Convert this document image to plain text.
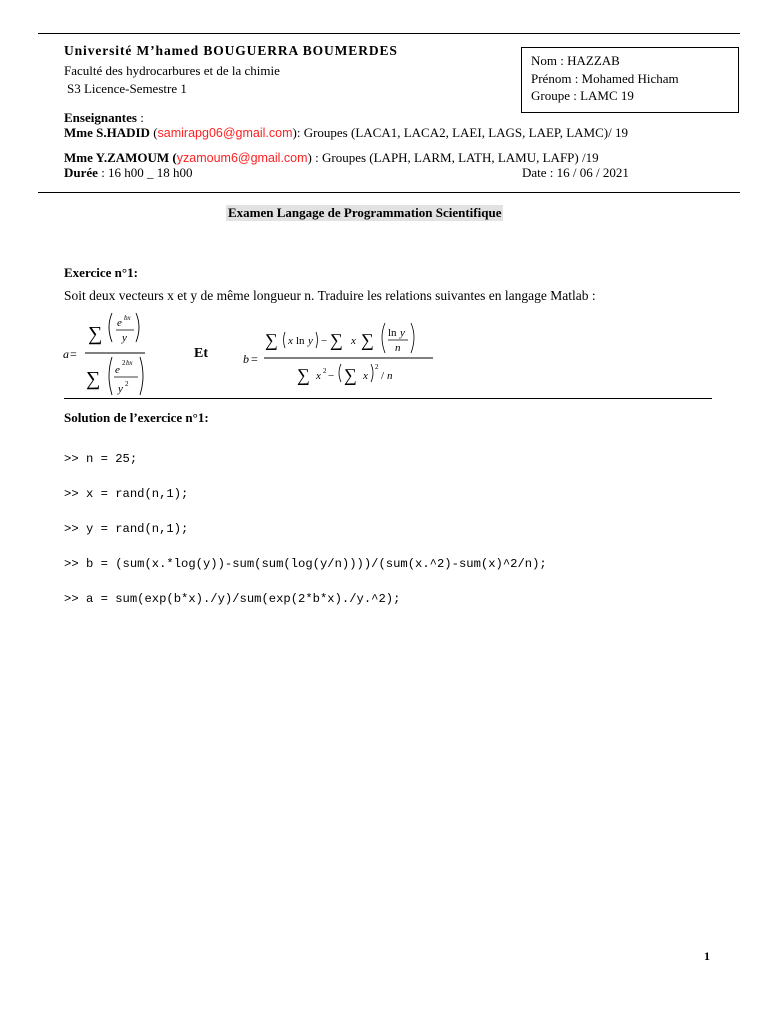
Université M’hamed BOUGUERRA BOUMERDES
Faculté des hydrocarbures et de la chimie
S3 Licence-Semestre 1
Nom : HAZZAB
Prénom : Mohamed Hicham
Groupe : LAMC 19
Enseignantes :
Mme S.HADID (samirapg06@gmail.com): Groupes (LACA1, LACA2, LAEI, LAGS, LAEP, LAMC)/ 19
Mme Y.ZAMOUM (yzamoum6@gmail.com) : Groupes (LAPH, LARM, LATH, LAMU, LAFP) /19
Durée : 16 h00 _ 18 h00	Date : 16 / 06 / 2021
Examen Langage de Programmation Scientifique
Exercice n°1:
Soit deux vecteurs x et y de même longueur n. Traduire les relations suivantes en langage Matlab :
a =
∑ e bx
y
∑ e
2 bx
y 2
Et	b =
∑ x ln y − ∑ x ∑ ln y
n
∑ x 2 − ∑ x
2
/ n
Solution de l’exercice n°1:

>> n = 25;

>> x = rand(n,1);

>> y = rand(n,1);

>> b = (sum(x.*log(y))-sum(sum(log(y/n))))/(sum(x.^2)-sum(x)^2/n);

>> a = sum(exp(b*x)./y)/sum(exp(2*b*x)./y.^2);

1
